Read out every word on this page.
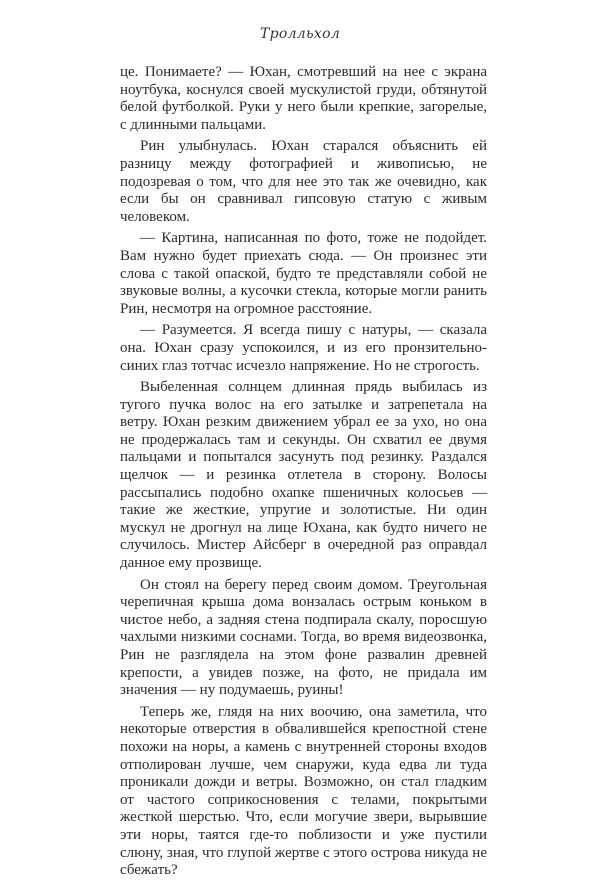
Тролльхол

це. Понимаете? — Юхан, смотревший на нее с экрана ноутбука, коснулся своей мускулистой груди, обтянутой белой футболкой. Руки у него были крепкие, загорелые, с длинными пальцами.

Рин улыбнулась. Юхан старался объяснить ей разницу между фотографией и живописью, не подозревая о том, что для нее это так же очевидно, как если бы он сравнивал гипсовую статую с живым человеком.

— Картина, написанная по фото, тоже не подойдет. Вам нужно будет приехать сюда. — Он произнес эти слова с такой опаской, будто те представляли собой не звуковые волны, а кусочки стекла, которые могли ранить Рин, несмотря на огромное расстояние.

— Разумеется. Я всегда пишу с натуры, — сказала она. Юхан сразу успокоился, и из его пронзительно-синих глаз тотчас исчезло напряжение. Но не строгость.

Выбеленная солнцем длинная прядь выбилась из тугого пучка волос на его затылке и затрепетала на ветру. Юхан резким движением убрал ее за ухо, но она не продержалась там и секунды. Он схватил ее двумя пальцами и попытался засунуть под резинку. Раздался щелчок — и резинка отлетела в сторону. Волосы рассыпались подобно охапке пшеничных колосьев — такие же жесткие, упругие и золотистые. Ни один мускул не дрогнул на лице Юхана, как будто ничего не случилось. Мистер Айсберг в очередной раз оправдал данное ему прозвище.

Он стоял на берегу перед своим домом. Треугольная черепичная крыша дома вонзалась острым коньком в чистое небо, а задняя стена подпирала скалу, поросшую чахлыми низкими соснами. Тогда, во время видеозвонка, Рин не разглядела на этом фоне развалин древней крепости, а увидев позже, на фото, не придала им значения — ну подумаешь, руины!

Теперь же, глядя на них воочию, она заметила, что некоторые отверстия в обвалившейся крепостной стене похожи на норы, а камень с внутренней стороны входов отполирован лучше, чем снаружи, куда едва ли туда проникали дожди и ветры. Возможно, он стал гладким от частого соприкосновения с телами, покрытыми жесткой шерстью. Что, если могучие звери, вырывшие эти норы, таятся где-то поблизости и уже пустили слюну, зная, что глупой жертве с этого острова никуда не сбежать?
